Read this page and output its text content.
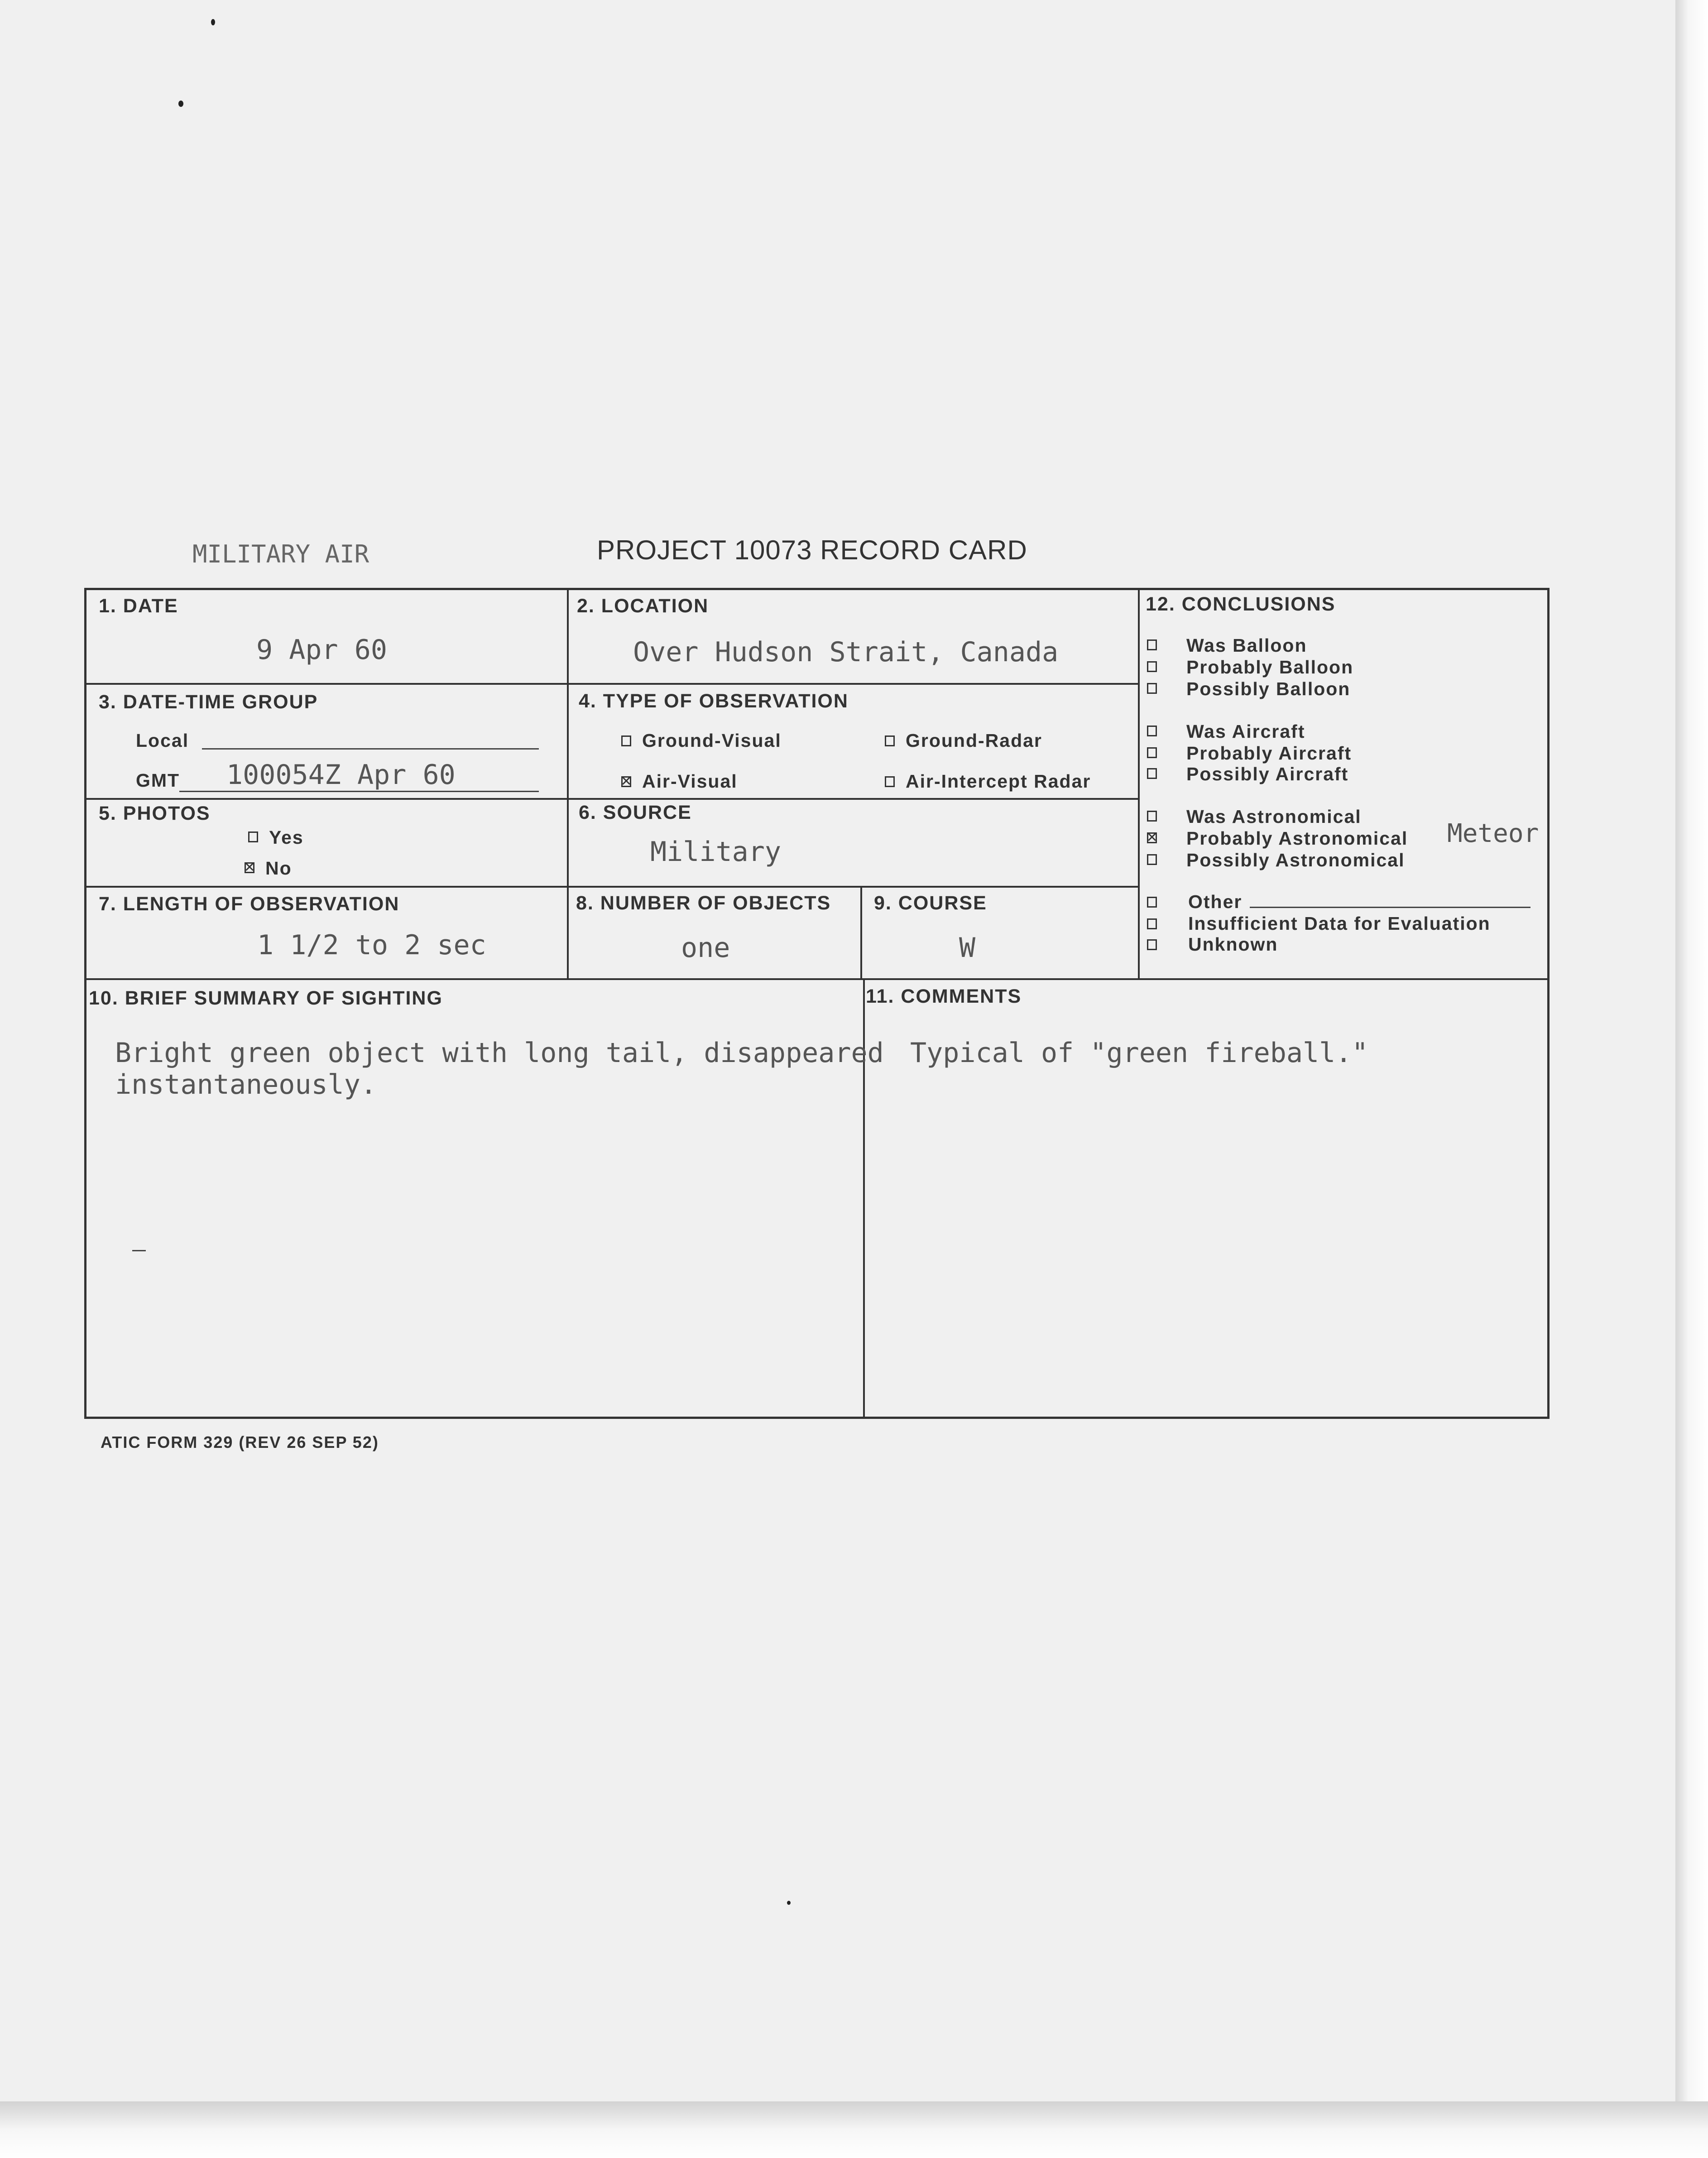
MILITARY AIR	PROJECT 10073 RECORD CARD
1. DATE
9 Apr 60
2. LOCATION
Over Hudson Strait, Canada
12. CONCLUSIONS
Was Balloon
Probably Balloon
Possibly Balloon
Was Aircraft
Probably Aircraft
Possibly Aircraft
Was Astronomical
✕ Probably Astronomical Meteor
Possibly Astronomical
Other
Insufficient Data for Evaluation
Unknown
3. DATE-TIME GROUP
Local
GMT 100054Z Apr 60
4. TYPE OF OBSERVATION
Ground-Visual	Ground-Radar
✕ Air-Visual	Air-Intercept Radar
5. PHOTOS
Yes
✕ No
6. SOURCE
Military
7. LENGTH OF OBSERVATION
1 1/2 to 2 sec
8. NUMBER OF OBJECTS
one
9. COURSE
W
10. BRIEF SUMMARY OF SIGHTING
Bright green object with long tail, disappeared
instantaneously.
11. COMMENTS
Typical of "green fireball."
ATIC FORM 329 (REV 26 SEP 52)
